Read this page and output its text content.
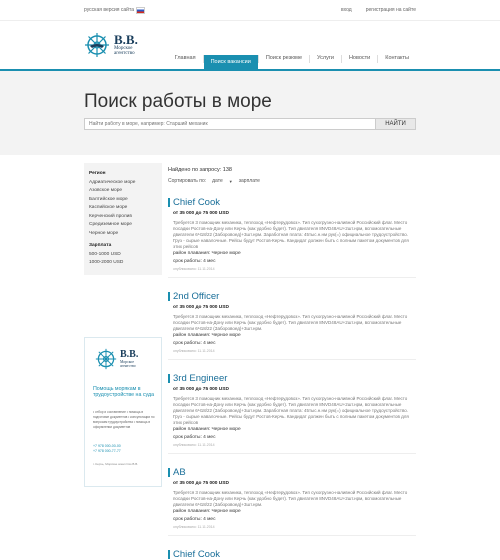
русская версия сайта	вход	регистрация на сайте
B.B.
Морское
агентство
Главная
Поиск вакансии
Поиск резюме	Услуги	Новости	Контакты
Поиск работы в море
Найти работу в море, например: Старший механик
НАЙТИ
Регион
Адриатическое море
Азовское море
Балтийское море
Каспийское море
Керченский пролив
Средиземное море
Черное море
Зарплата
500-1000 USD
1000-2000 USD
B.B.
Морское
агентство
Помощь морякам в трудоустройстве на суда
• отбор и составление • помощь в подготовке документов • консультации по вопросам трудоустройства • помощь в оформлении документов
+7 978 000-00-00
+7 978 000-77-77
г. Керчь, Морское агентство B.B.
Найдено по запросу: 138
Сортировать по: дате ▼ зарплате
Chief Cook
от 35 000 до 75 000 USD
Требуется 3 помощник механика, теплоход «Нефтерудовоз». Тип сухогрузно-наливной Российский флаг. Место посадки Ростов-на-Дону или Керчь (как удобно будет). Тип двигателя 8NVD48AU+2шт.нрм, вспомогательные двигатели 6Ч18/22 (Заборовоед)+3шт.нрм. Заработная плата: 45тыс.н.нм рук(=) официальное трудоустройство. Груз - сырые навалочные. Рейсы будут Ростов-Керчь. Кандидат должен быть с полным пакетом документов для этих рейсов
район плавания: Черное море
срок работы: 4 мес
опубликовано: 11.11.2014
2nd Officer
от 35 000 до 75 000 USD
Требуется 3 помощник механика, теплоход «Нефтерудовоз». Тип сухогрузно-наливной Российский флаг. Место посадки Ростов-на-Дону или Керчь (как удобно будет). Тип двигателя 8NVD48AU+2шт.нрм, вспомогательные двигатели 6Ч18/22 (Заборовоед)+3шт.нрм.
район плавания: Черное море
срок работы: 4 мес
опубликовано: 11.11.2014
3rd Engineer
от 35 000 до 75 000 USD
Требуется 3 помощник механика, теплоход «Нефтерудовоз». Тип сухогрузно-наливной Российский флаг. Место посадки Ростов-на-Дону или Керчь (как удобно будет). Тип двигателя 8NVD48AU+2шт.нрм, вспомогательные двигатели 6Ч18/22 (Заборовоед)+3шт.нрм. Заработная плата: 45тыс.н.нм рук(=) официальное трудоустройство. Груз - сырые навалочные. Рейсы будут Ростов-Керчь. Кандидат должен быть с полным пакетом документов для этих рейсов
район плавания: Черное море
срок работы: 4 мес
опубликовано: 11.11.2014
AB
от 35 000 до 75 000 USD
Требуется 3 помощник механика, теплоход «Нефтерудовоз». Тип сухогрузно-наливной Российский флаг. Место посадки Ростов-на-Дону или Керчь (как удобно будет). Тип двигателя 8NVD48AU+2шт.нрм, вспомогательные двигатели 6Ч18/22 (Заборовоед)+3шт.нрм.
район плавания: Черное море
срок работы: 4 мес
опубликовано: 11.11.2014
Chief Cook
